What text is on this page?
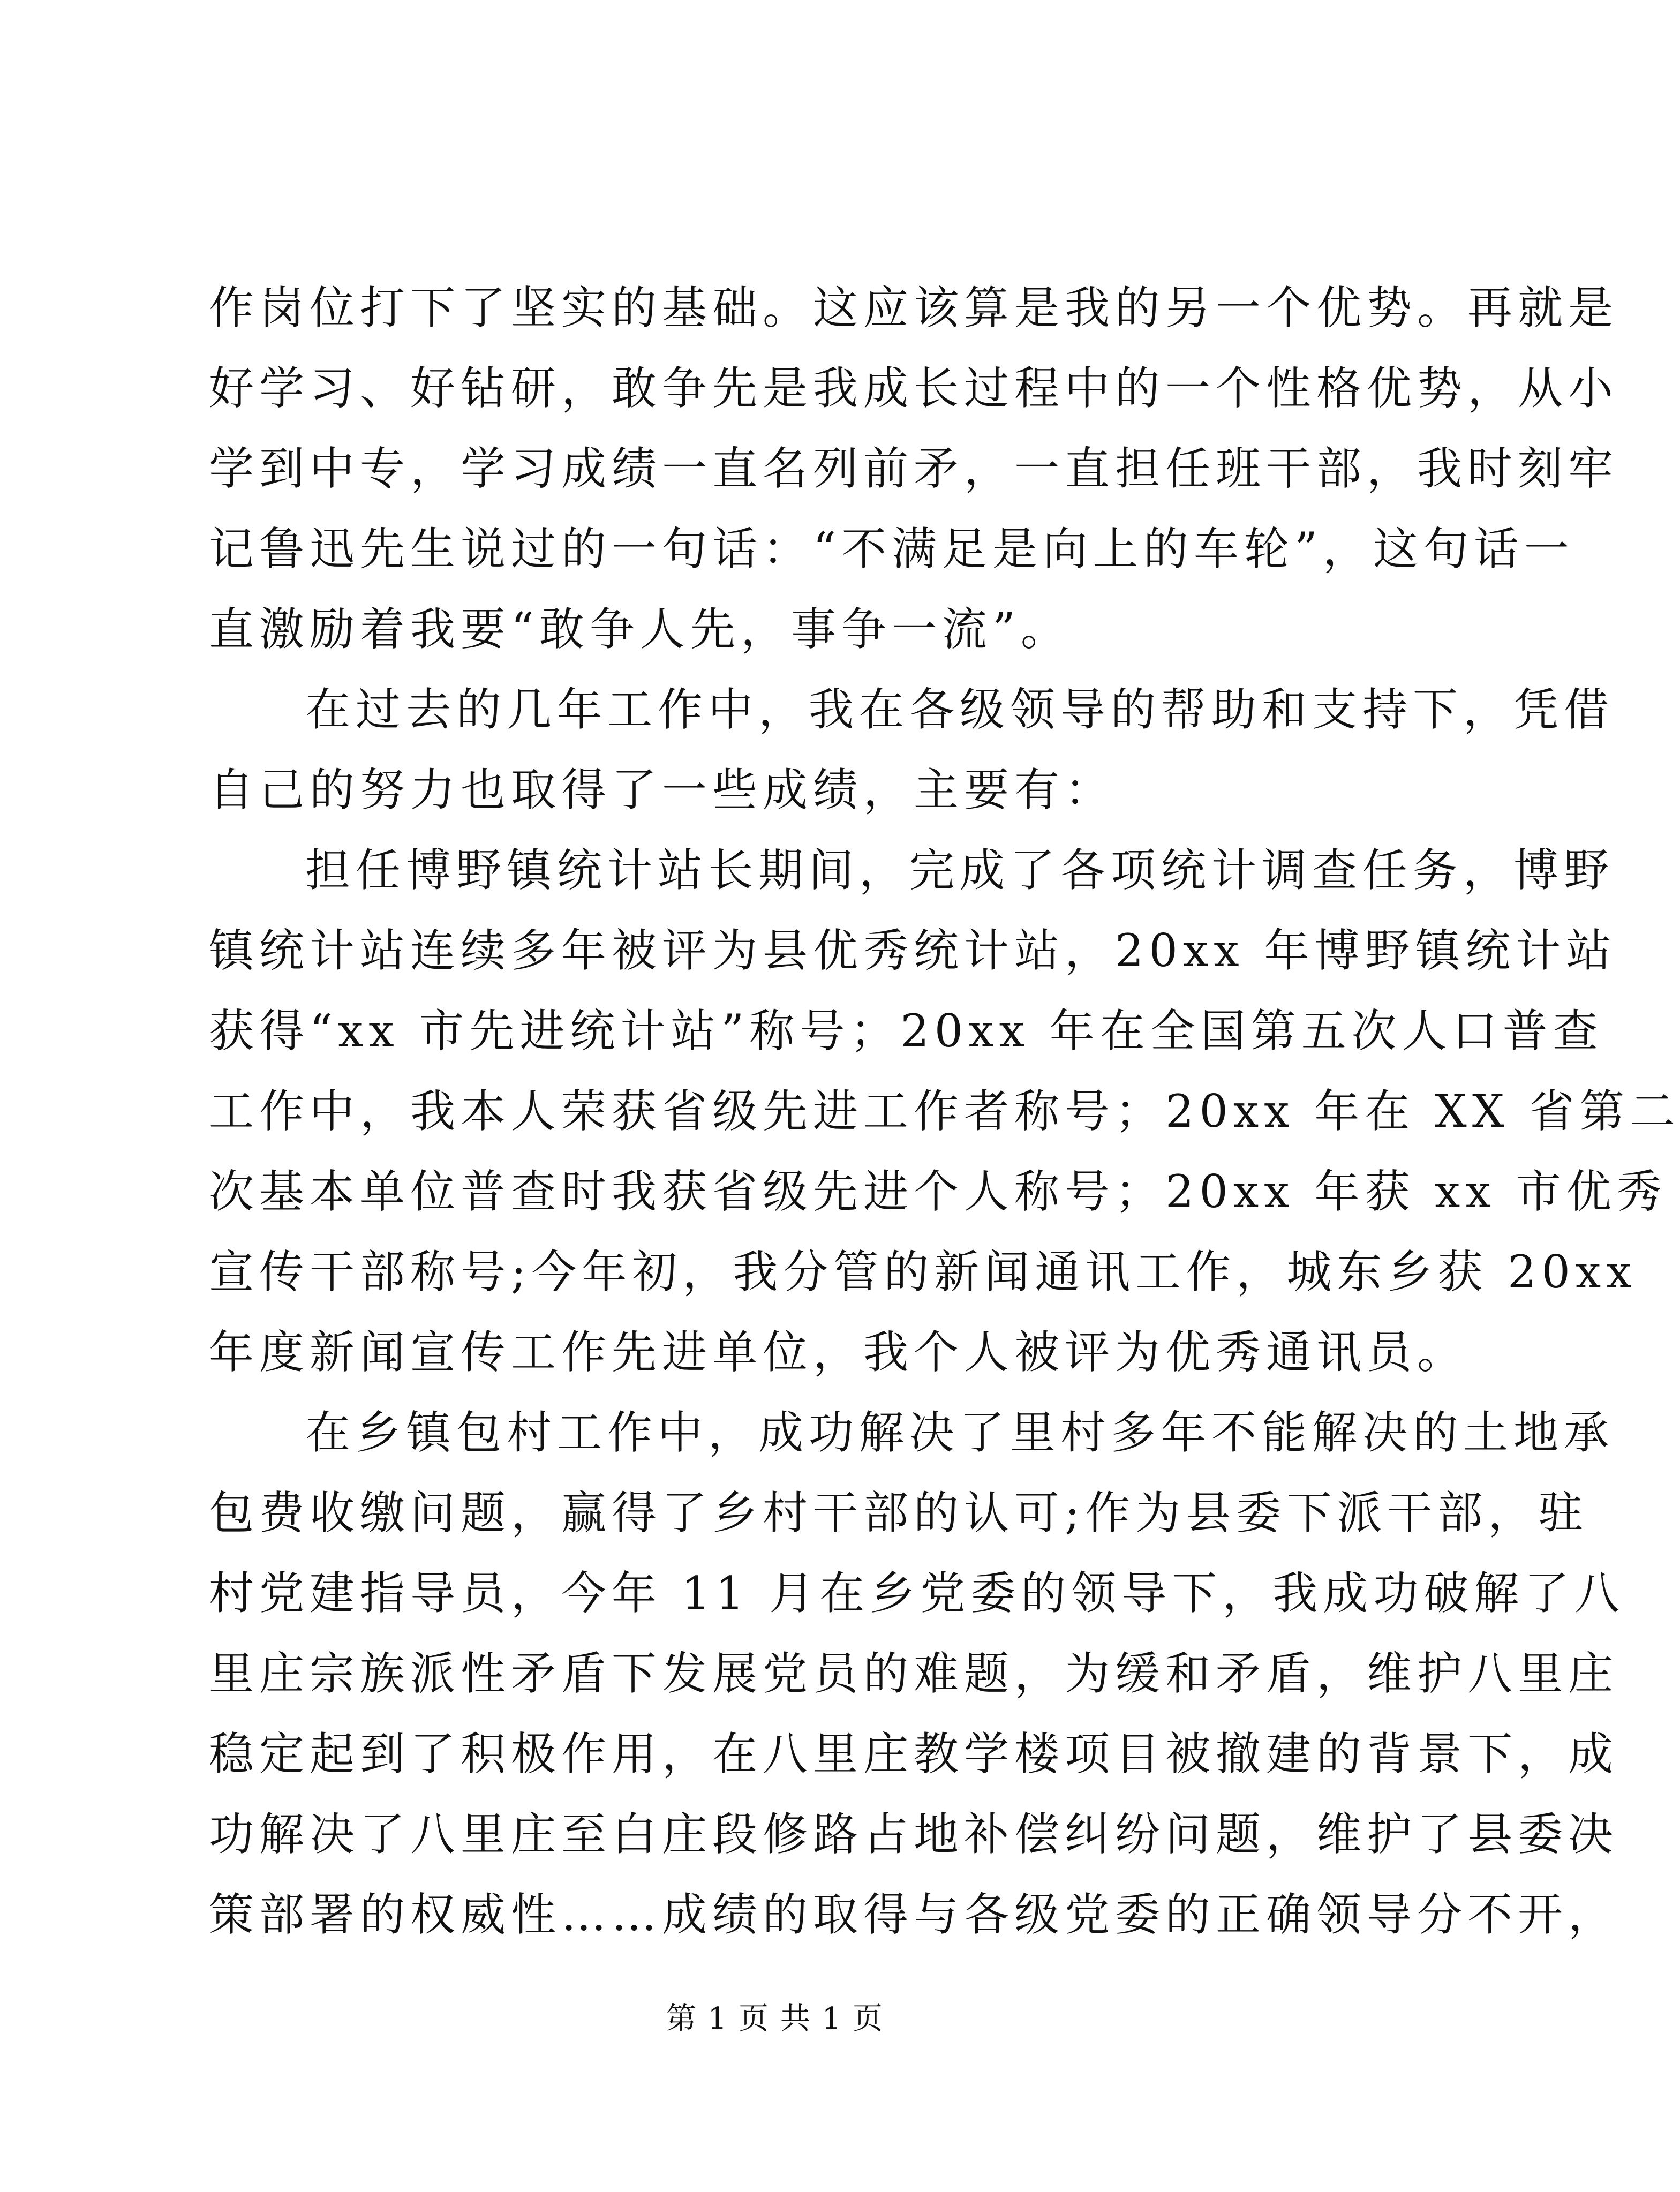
作岗位打下了坚实的基础。这应该算是我的另一个优势。再就是
好学习、好钻研，敢争先是我成长过程中的一个性格优势，从小
学到中专，学习成绩一直名列前矛，一直担任班干部，我时刻牢
记鲁迅先生说过的一句话：“不满足是向上的车轮”，这句话一
直激励着我要“敢争人先，事争一流”。
在过去的几年工作中，我在各级领导的帮助和支持下，凭借
自己的努力也取得了一些成绩，主要有：
担任博野镇统计站长期间，完成了各项统计调查任务，博野
镇统计站连续多年被评为县优秀统计站，20xx 年博野镇统计站
获得“xx 市先进统计站”称号；20xx 年在全国第五次人口普查
工作中，我本人荣获省级先进工作者称号；20xx 年在 XX 省第二
次基本单位普查时我获省级先进个人称号；20xx 年获 xx 市优秀
宣传干部称号;今年初，我分管的新闻通讯工作，城东乡获 20xx
年度新闻宣传工作先进单位，我个人被评为优秀通讯员。
在乡镇包村工作中，成功解决了里村多年不能解决的土地承
包费收缴问题，赢得了乡村干部的认可;作为县委下派干部，驻
村党建指导员，今年 11 月在乡党委的领导下，我成功破解了八
里庄宗族派性矛盾下发展党员的难题，为缓和矛盾，维护八里庄
稳定起到了积极作用，在八里庄教学楼项目被撤建的背景下，成
功解决了八里庄至白庄段修路占地补偿纠纷问题，维护了县委决
策部署的权威性……成绩的取得与各级党委的正确领导分不开，
第 1 页 共 1 页
